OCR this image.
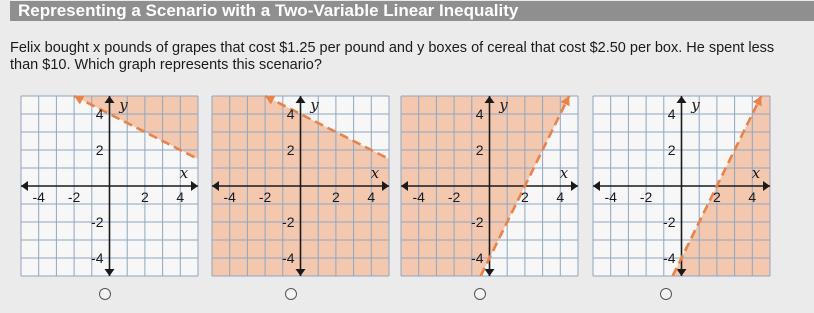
Representing a Scenario with a Two-Variable Linear Inequality
Felix bought x pounds of grapes that cost $1.25 per pound and y boxes of cereal that cost $2.50 per box. He spent less than $10. Which graph represents this scenario?
-4 -2	2 4
4
2
-2
-4
x
y
-4 -2	2 4
4
2
-2
-4
x
y
-4 -2	2 4
4
2
-2
-4
x
y
-4 -2	2 4
4
2
-2
-4
x
y
